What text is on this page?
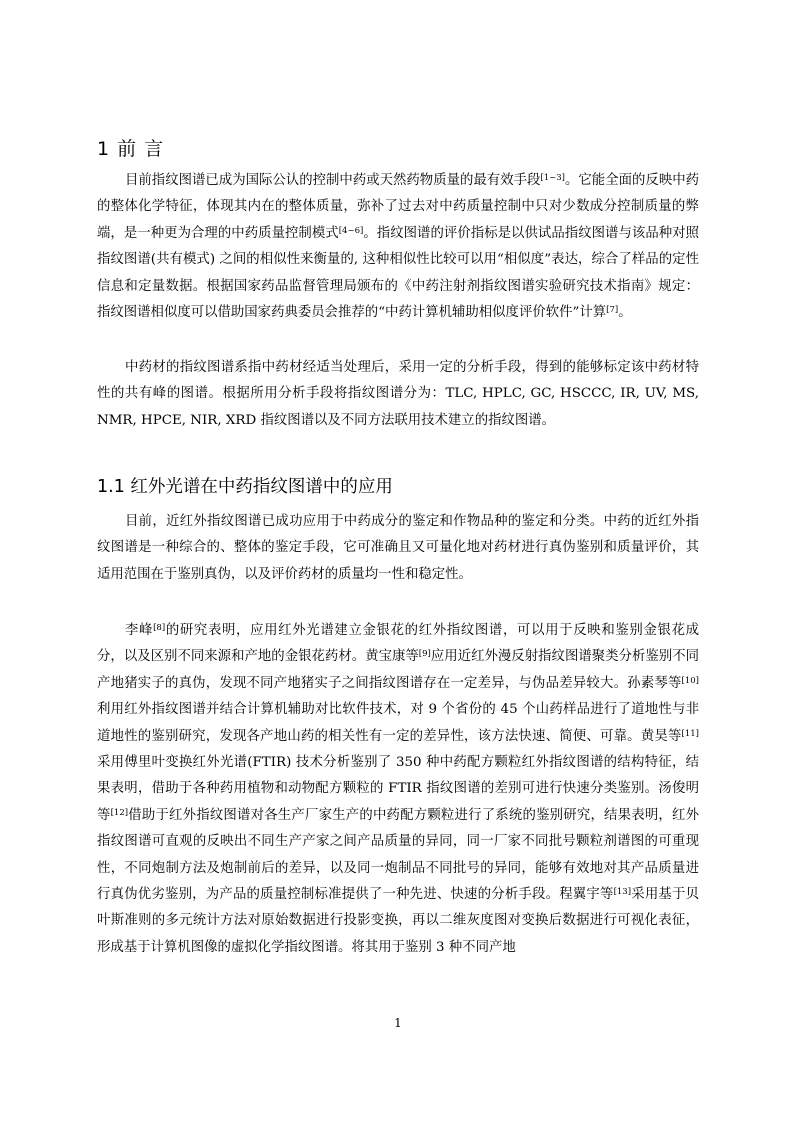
1 前 言

目前指纹图谱已成为国际公认的控制中药或天然药物质量的最有效手段[1~3]。它能全面的反映中药的整体化学特征，体现其内在的整体质量，弥补了过去对中药质量控制中只对少数成分控制质量的弊端，是一种更为合理的中药质量控制模式[4~6]。指纹图谱的评价指标是以供试品指纹图谱与该品种对照指纹图谱(共有模式) 之间的相似性来衡量的, 这种相似性比较可以用“相似度”表达，综合了样品的定性信息和定量数据。根据国家药品监督管理局颁布的《中药注射剂指纹图谱实验研究技术指南》规定：指纹图谱相似度可以借助国家药典委员会推荐的“中药计算机辅助相似度评价软件”计算[7]。

中药材的指纹图谱系指中药材经适当处理后，采用一定的分析手段，得到的能够标定该中药材特性的共有峰的图谱。根据所用分析手段将指纹图谱分为：TLC, HPLC, GC, HSCCC, IR, UV, MS, NMR, HPCE, NIR, XRD 指纹图谱以及不同方法联用技术建立的指纹图谱。

1.1 红外光谱在中药指纹图谱中的应用

目前，近红外指纹图谱已成功应用于中药成分的鉴定和作物品种的鉴定和分类。中药的近红外指纹图谱是一种综合的、整体的鉴定手段，它可准确且又可量化地对药材进行真伪鉴别和质量评价，其适用范围在于鉴别真伪，以及评价药材的质量均一性和稳定性。

李峰[8]的研究表明，应用红外光谱建立金银花的红外指纹图谱，可以用于反映和鉴别金银花成分，以及区别不同来源和产地的金银花药材。黄宝康等[9]应用近红外漫反射指纹图谱聚类分析鉴别不同产地猪实子的真伪，发现不同产地猪实子之间指纹图谱存在一定差异，与伪品差异较大。孙素琴等[10]利用红外指纹图谱并结合计算机辅助对比软件技术，对 9 个省份的 45 个山药样品进行了道地性与非道地性的鉴别研究，发现各产地山药的相关性有一定的差异性，该方法快速、简便、可靠。黄昊等[11]采用傅里叶变换红外光谱(FTIR) 技术分析鉴别了 350 种中药配方颗粒红外指纹图谱的结构特征，结果表明，借助于各种药用植物和动物配方颗粒的 FTIR 指纹图谱的差别可进行快速分类鉴别。汤俊明等[12]借助于红外指纹图谱对各生产厂家生产的中药配方颗粒进行了系统的鉴别研究，结果表明，红外指纹图谱可直观的反映出不同生产产家之间产品质量的异同，同一厂家不同批号颗粒剂谱图的可重现性，不同炮制方法及炮制前后的差异，以及同一炮制品不同批号的异同，能够有效地对其产品质量进行真伪优劣鉴别，为产品的质量控制标准提供了一种先进、快速的分析手段。程翼宇等[13]采用基于贝叶斯准则的多元统计方法对原始数据进行投影变换，再以二维灰度图对变换后数据进行可视化表征，形成基于计算机图像的虚拟化学指纹图谱。将其用于鉴别 3 种不同产地

1
